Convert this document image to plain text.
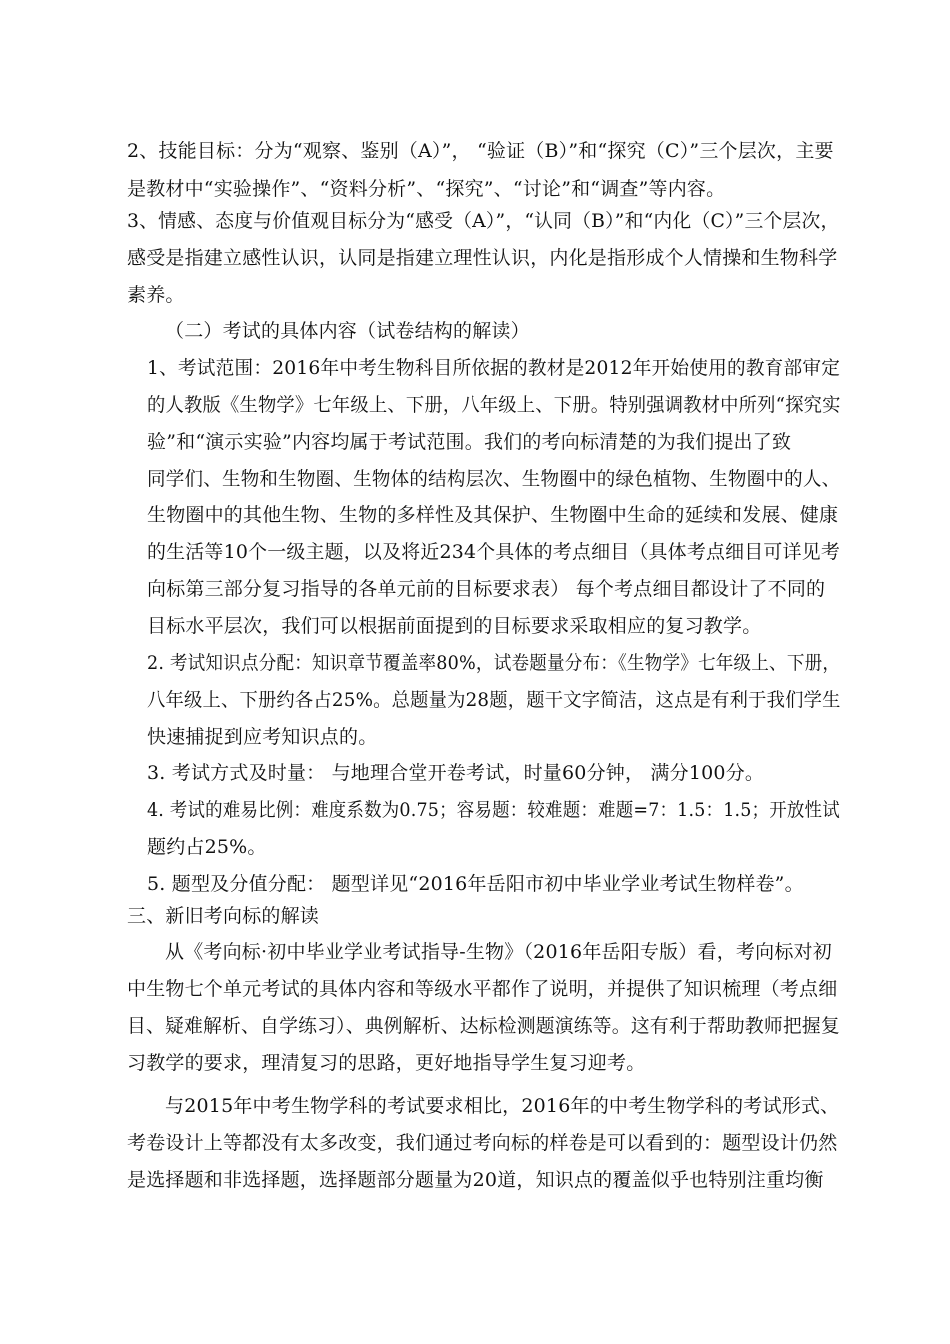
2、技能目标：分为“观察、鉴别（A）”， “验证（B）”和“探究（C）”三个层次，主要
是教材中“实验操作”、“资料分析”、“探究”、“讨论”和“调查”等内容。
3、情感、态度与价值观目标分为“感受（A）”，“认同（B）”和“内化（C）”三个层次，
感受是指建立感性认识，认同是指建立理性认识，内化是指形成个人情操和生物科学
素养。
（二）考试的具体内容（试卷结构的解读）
1、考试范围：2016年中考生物科目所依据的教材是2012年开始使用的教育部审定
的人教版《生物学》七年级上、下册，八年级上、下册。特别强调教材中所列“探究实
验”和“演示实验”内容均属于考试范围。我们的考向标清楚的为我们提出了致
同学们、生物和生物圈、生物体的结构层次、生物圈中的绿色植物、生物圈中的人、
生物圈中的其他生物、生物的多样性及其保护、生物圈中生命的延续和发展、健康
的生活等10个一级主题，以及将近234个具体的考点细目（具体考点细目可详见考
向标第三部分复习指导的各单元前的目标要求表） 每个考点细目都设计了不同的
目标水平层次，我们可以根据前面提到的目标要求采取相应的复习教学。
2. 考试知识点分配：知识章节覆盖率80%，试卷题量分布：《生物学》七年级上、下册，
八年级上、下册约各占25%。总题量为28题，题干文字简洁，这点是有利于我们学生
快速捕捉到应考知识点的。
3. 考试方式及时量： 与地理合堂开卷考试，时量60分钟， 满分100分。
4. 考试的难易比例：难度系数为0.75；容易题：较难题：难题=7：1.5：1.5；开放性试
题约占25%。
5. 题型及分值分配： 题型详见“2016年岳阳市初中毕业学业考试生物样卷”。
三、新旧考向标的解读
从《考向标·初中毕业学业考试指导-生物》（2016年岳阳专版）看，考向标对初
中生物七个单元考试的具体内容和等级水平都作了说明，并提供了知识梳理（考点细
目、疑难解析、自学练习）、典例解析、达标检测题演练等。这有利于帮助教师把握复
习教学的要求，理清复习的思路，更好地指导学生复习迎考。
与2015年中考生物学科的考试要求相比，2016年的中考生物学科的考试形式、
考卷设计上等都没有太多改变，我们通过考向标的样卷是可以看到的：题型设计仍然
是选择题和非选择题，选择题部分题量为20道，知识点的覆盖似乎也特别注重均衡
